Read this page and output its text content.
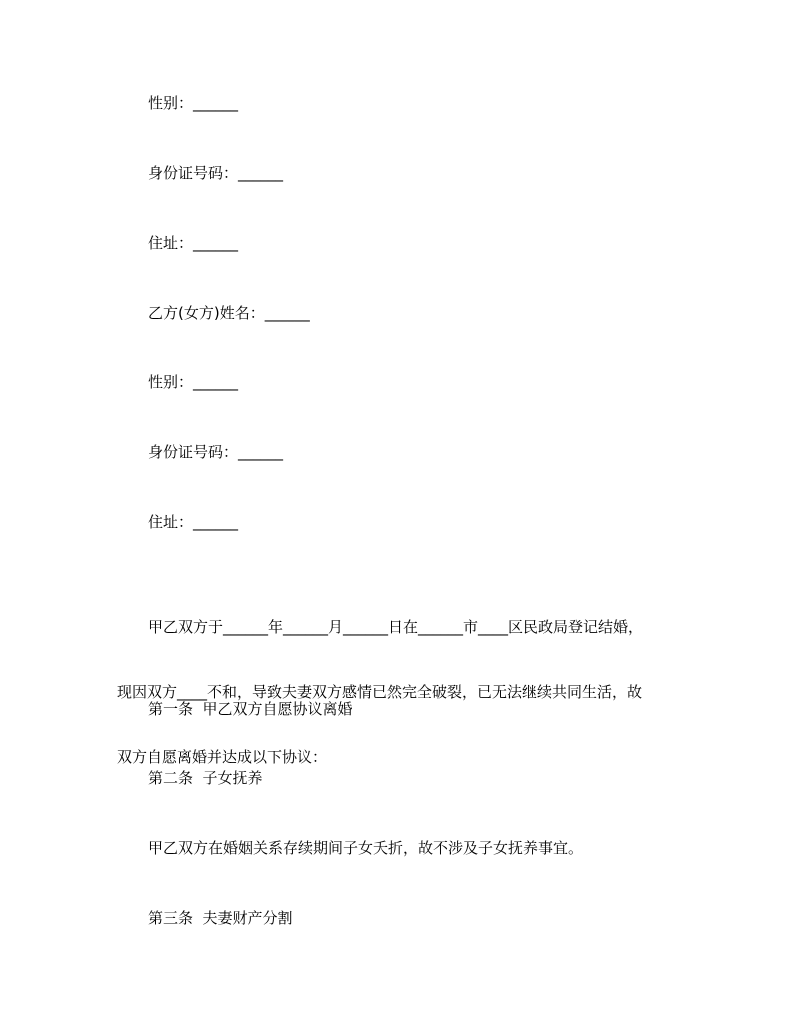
性别：______
身份证号码：______
住址：______
乙方(女方)姓名：______
性别：______
身份证号码：______
住址：______

甲乙双方于______年______月______日在______市____区民政局登记结婚，

现因双方____不和，导致夫妻双方感情已然完全破裂，已无法继续共同生活，故

双方自愿离婚并达成以下协议：

第一条  甲乙双方自愿协议离婚
第二条  子女抚养
甲乙双方在婚姻关系存续期间子女夭折，故不涉及子女抚养事宜。
第三条  夫妻财产分割
